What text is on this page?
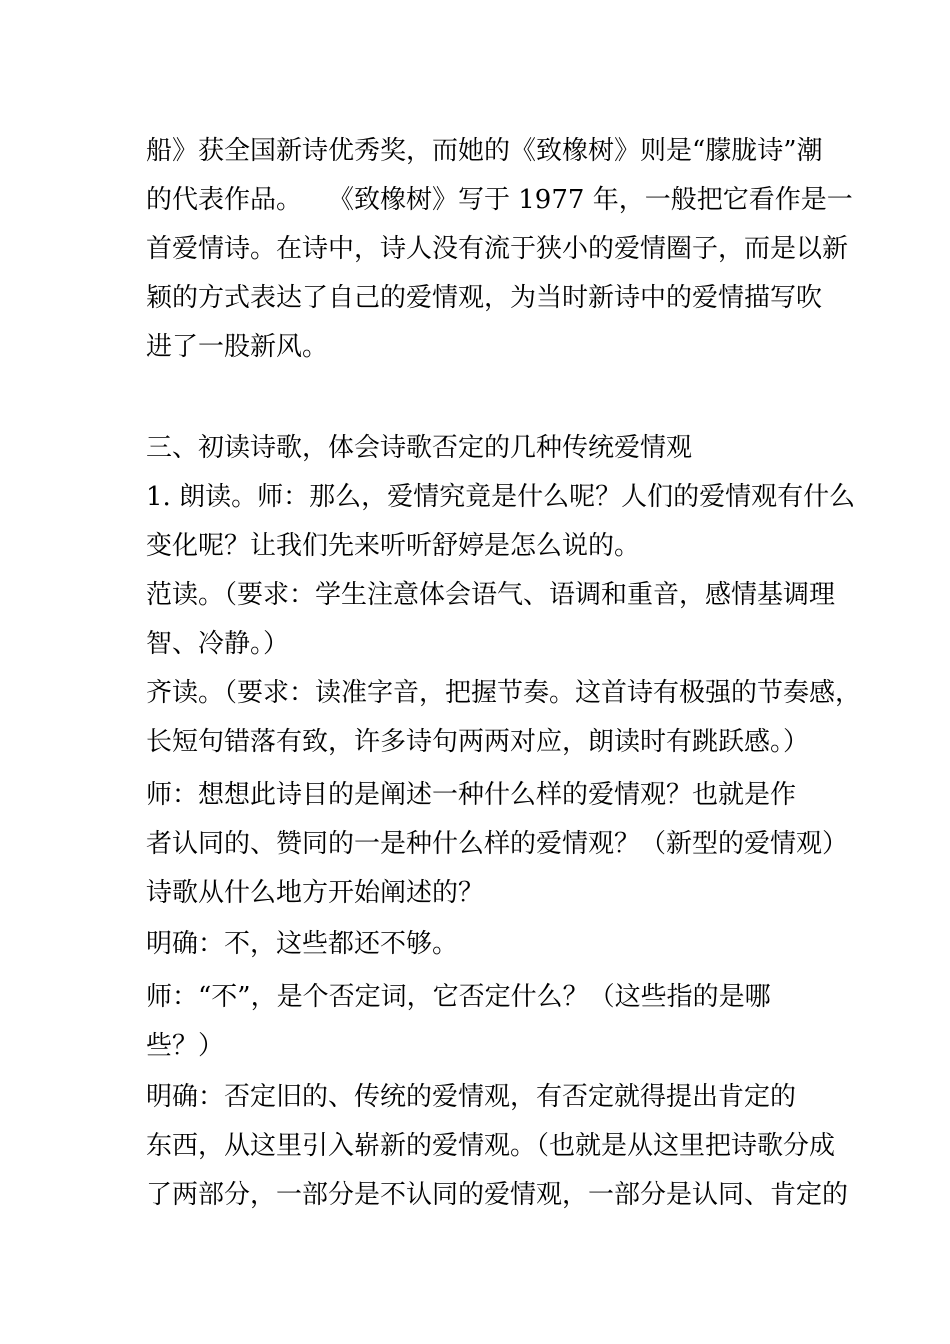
船》获全国新诗优秀奖，而她的《致橡树》则是“朦胧诗”潮
的代表作品。　　《致橡树》写于 1977 年，一般把它看作是一
首爱情诗。在诗中，诗人没有流于狭小的爱情圈子，而是以新
颖的方式表达了自己的爱情观，为当时新诗中的爱情描写吹
进了一股新风。
三、初读诗歌，体会诗歌否定的几种传统爱情观
1. 朗读。师：那么，爱情究竟是什么呢？人们的爱情观有什么
变化呢？让我们先来听听舒婷是怎么说的。
范读。（要求：学生注意体会语气、语调和重音，感情基调理
智、冷静。）
齐读。（要求：读准字音，把握节奏。这首诗有极强的节奏感，
长短句错落有致，许多诗句两两对应，朗读时有跳跃感。）
师：想想此诗目的是阐述一种什么样的爱情观？也就是作
者认同的、赞同的一是种什么样的爱情观？（新型的爱情观）
诗歌从什么地方开始阐述的？
明确：不，这些都还不够。
师：“不”，是个否定词，它否定什么？（这些指的是哪
些？）
明确：否定旧的、传统的爱情观，有否定就得提出肯定的
东西，从这里引入崭新的爱情观。（也就是从这里把诗歌分成
了两部分，一部分是不认同的爱情观，一部分是认同、肯定的
